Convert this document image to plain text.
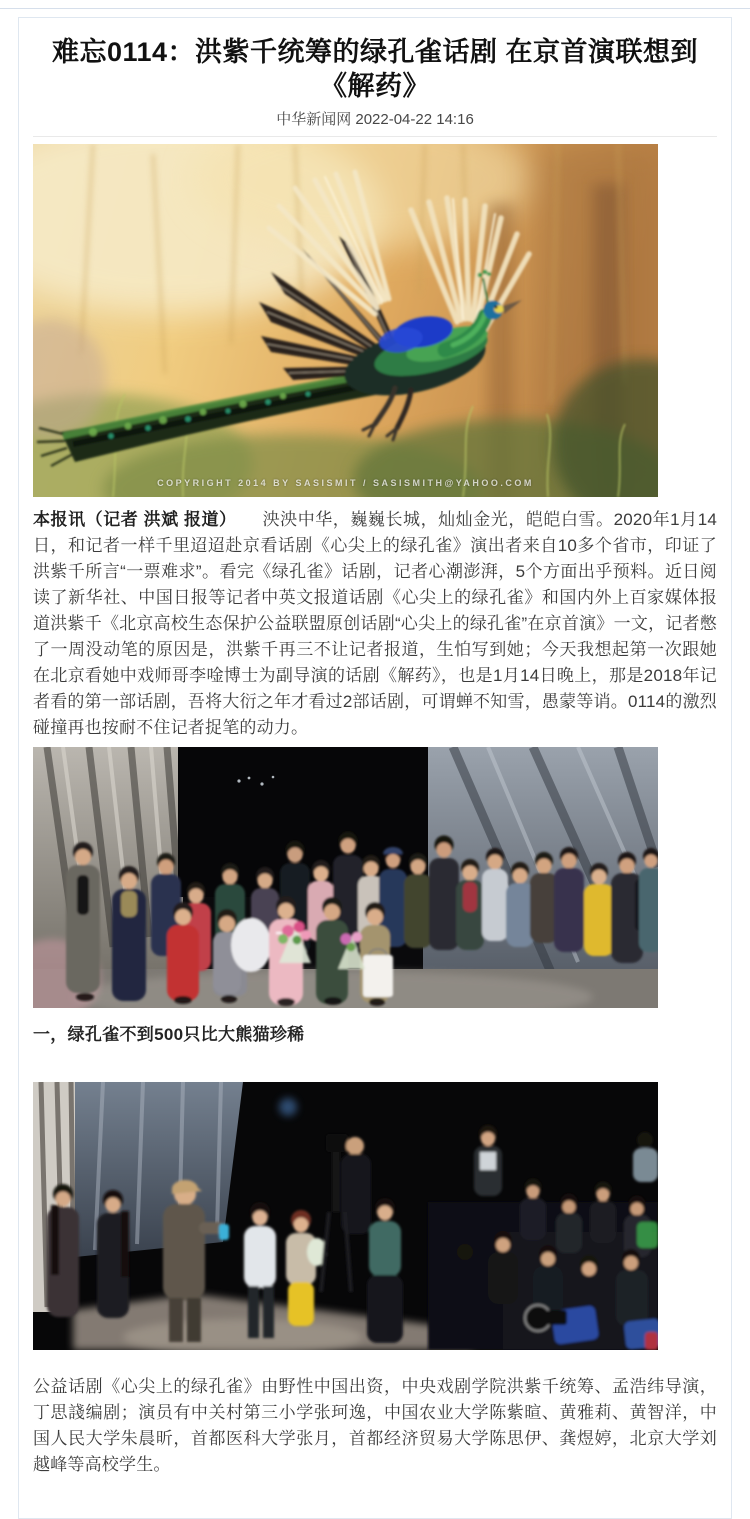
难忘0114：洪紫千统筹的绿孔雀话剧 在京首演联想到《解药》
中华新闻网 2022-04-22 14:16
COPYRIGHT 2014 BY SASISMIT / SASISMITH@YAHOO.COM

本报讯（记者 洪斌 报道） 泱泱中华，巍巍长城，灿灿金光，皑皑白雪。2020年1月14日，和记者一样千里迢迢赴京看话剧《心尖上的绿孔雀》演出者来自10多个省市，印证了洪紫千所言“一票难求”。看完《绿孔雀》话剧，记者心潮澎湃，5个方面出乎预料。近日阅读了新华社、中国日报等记者中英文报道话剧《心尖上的绿孔雀》和国内外上百家媒体报道洪紫千《北京高校生态保护公益联盟原创话剧“心尖上的绿孔雀”在京首演》一文，记者憋了一周没动笔的原因是，洪紫千再三不让记者报道，生怕写到她；今天我想起第一次跟她在北京看她中戏师哥李唫博士为副导演的话剧《解药》，也是1月14日晚上，那是2018年记者看的第一部话剧，吾将大衍之年才看过2部话剧，可谓蝉不知雪，愚蒙等诮。0114的激烈碰撞再也按耐不住记者捉笔的动力。

一，绿孔雀不到500只比大熊猫珍稀

公益话剧《心尖上的绿孔雀》由野性中国出资，中央戏剧学院洪紫千统筹、孟浩纬导演，丁思諓编剧；演员有中关村第三小学张珂逸，中国农业大学陈紫暄、黄雅莉、黄智洋，中国人民大学朱晨昕，首都医科大学张月，首都经济贸易大学陈思伊、龚煜婷，北京大学刘越峰等高校学生。
